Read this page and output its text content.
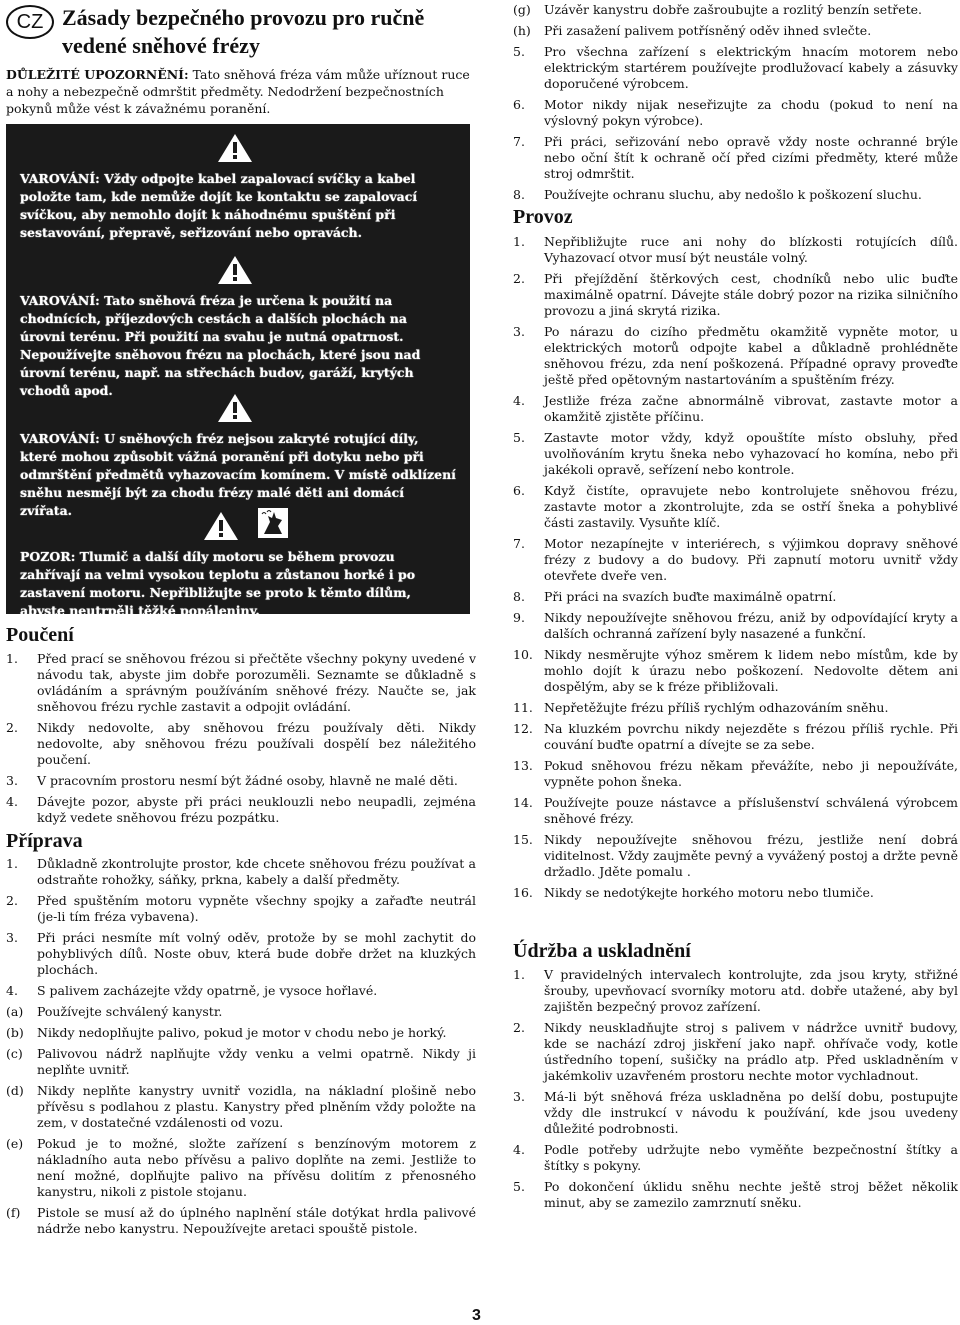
CZ Zásady bezpečného provozu pro ručně vedené sněhové frézy
DŮLEŽITÉ UPOZORNĚNÍ: Tato sněhová fréza vám může uříznout ruce a nohy a nebezpečně odmrštit předměty. Nedodržení bezpečnostních pokynů může vést k závažnému poranění.
VAROVÁNÍ: Vždy odpojte kabel zapalovací svíčky a kabel položte tam, kde nemůže dojít ke kontaktu se zapalovací svíčkou, aby nemohlo dojít k náhodnému spuštění při sestavování, přepravě, seřizování nebo opravách.
VAROVÁNÍ: Tato sněhová fréza je určena k použití na chodnících, příjezdových cestách a dalších plochách na úrovni terénu. Při použití na svahu je nutná opatrnost. Nepoužívejte sněhovou frézu na plochách, které jsou nad úrovní terénu, např. na střechách budov, garáží, krytých vchodů apod.
VAROVÁNÍ: U sněhových fréz nejsou zakryté rotující díly, které mohou způsobit vážná poranění při dotyku nebo při odmrštění předmětů vyhazovacím komínem. V místě odklízení sněhu nesmějí být za chodu frézy malé děti ani domácí zvířata.
POZOR: Tlumič a další díly motoru se během provozu zahřívají na velmi vysokou teplotu a zůstanou horké i po zastavení motoru. Nepřibližujte se proto k těmto dílům, abyste neutrpěli těžké popáleniny.
Poučení
1. Před prací se sněhovou frézou si přečtěte všechny pokyny uvedené v návodu tak, abyste jim dobře porozuměli. Seznamte se důkladně s ovládáním a správným používáním sněhové frézy. Naučte se, jak sněhovou frézu rychle zastavit a odpojit ovládání.
2. Nikdy nedovolte, aby sněhovou frézu používaly děti. Nikdy nedovolte, aby sněhovou frézu používali dospělí bez náležitého poučení.
3. V pracovním prostoru nesmí být žádné osoby, hlavně ne malé děti.
4. Dávejte pozor, abyste při práci neuklouzli nebo neupadli, zejména když vedete sněhovou frézu pozpátku.
Příprava
1. Důkladně zkontrolujte prostor, kde chcete sněhovou frézu používat a odstraňte rohožky, sáňky, prkna, kabely a další předměty.
2. Před spuštěním motoru vypněte všechny spojky a zařaďte neutrál (je-li tím fréza vybavena).
3. Při práci nesmíte mít volný oděv, protože by se mohl zachytit do pohyblivých dílů. Noste obuv, která bude dobře držet na kluzkých plochách.
4. S palivem zacházejte vždy opatrně, je vysoce hořlavé.
(a) Používejte schválený kanystr.
(b) Nikdy nedoplňujte palivo, pokud je motor v chodu nebo je horký.
(c) Palivovou nádrž naplňujte vždy venku a velmi opatrně. Nikdy ji neplňte uvnitř.
(d) Nikdy neplňte kanystry uvnitř vozidla, na nákladní plošině nebo přívěsu s podlahou z plastu. Kanystry před plněním vždy položte na zem, v dostatečné vzdálenosti od vozu.
(e) Pokud je to možné, složte zařízení s benzínovým motorem z nákladního auta nebo přívěsu a palivo doplňte na zemi. Jestliže to není možné, doplňujte palivo na přívěsu dolitím z přenosného kanystru, nikoli z pistole stojanu.
(f) Pistole se musí až do úplného naplnění stále dotýkat hrdla palivové nádrže nebo kanystru. Nepoužívejte aretaci spouště pistole.
(g) Uzávěr kanystru dobře zašroubujte a rozlitý benzín setřete.
(h) Při zasažení palivem potřísněný oděv ihned svlečte.
5. Pro všechna zařízení s elektrickým hnacím motorem nebo elektrickým startérem používejte prodlužovací kabely a zásuvky doporučené výrobcem.
6. Motor nikdy nijak neseřizujte za chodu (pokud to není na výslovný pokyn výrobce).
7. Při práci, seřizování nebo opravě vždy noste ochranné brýle nebo oční štít k ochraně očí před cizími předměty, které může stroj odmrštit.
8. Používejte ochranu sluchu, aby nedošlo k poškození sluchu.
Provoz
1. Nepřibližujte ruce ani nohy do blízkosti rotujících dílů. Vyhazovací otvor musí být neustále volný.
2. Při přejíždění štěrkových cest, chodníků nebo ulic buďte maximálně opatrní. Dávejte stále dobrý pozor na rizika silničního provozu a jiná skrytá rizika.
3. Po nárazu do cizího předmětu okamžitě vypněte motor, u elektrických motorů odpojte kabel a důkladně prohlédněte sněhovou frézu, zda není poškozená. Případné opravy proveďte ještě před opětovným nastartováním a spuštěním frézy.
4. Jestliže fréza začne abnormálně vibrovat, zastavte motor a okamžitě zjistěte příčinu.
5. Zastavte motor vždy, když opouštíte místo obsluhy, před uvolňováním krytu šneka nebo vyhazovací ho komína, nebo při jakékoli opravě, seřízení nebo kontrole.
6. Když čistíte, opravujete nebo kontrolujete sněhovou frézu, zastavte motor a zkontrolujte, zda se ostří šneka a pohyblivé části zastavily. Vysuňte klíč.
7. Motor nezapínejte v interiérech, s výjimkou dopravy sněhové frézy z budovy a do budovy. Při zapnutí motoru uvnitř vždy otevřete dveře ven.
8. Při práci na svazích buďte maximálně opatrní.
9. Nikdy nepoužívejte sněhovou frézu, aniž by odpovídající kryty a dalších ochranná zařízení byly nasazené a funkční.
10. Nikdy nesměrujte výhoz směrem k lidem nebo místům, kde by mohlo dojít k úrazu nebo poškození. Nedovolte dětem ani dospělým, aby se k fréze přibližovali.
11. Nepřetěžujte frézu příliš rychlým odhazováním sněhu.
12. Na kluzkém povrchu nikdy nejezděte s frézou příliš rychle. Při couvání buďte opatrní a dívejte se za sebe.
13. Pokud sněhovou frézu někam převážíte, nebo ji nepoužíváte, vypněte pohon šneka.
14. Používejte pouze nástavce a příslušenství schválená výrobcem sněhové frézy.
15. Nikdy nepoužívejte sněhovou frézu, jestliže není dobrá viditelnost. Vždy zaujměte pevný a vyvážený postoj a držte pevně držadlo. Jděte pomalu .
16. Nikdy se nedotýkejte horkého motoru nebo tlumiče.
Údržba a uskladnění
1. V pravidelných intervalech kontrolujte, zda jsou kryty, střižné šrouby, upevňovací svorníky motoru atd. dobře utažené, aby byl zajištěn bezpečný provoz zařízení.
2. Nikdy neuskladňujte stroj s palivem v nádržce uvnitř budovy, kde se nachází zdroj jiskření jako např. ohřívače vody, kotle ústředního topení, sušičky na prádlo atp. Před uskladněním v jakémkoliv uzavřeném prostoru nechte motor vychladnout.
3. Má-li být sněhová fréza uskladněna po delší dobu, postupujte vždy dle instrukcí v návodu k používání, kde jsou uvedeny důležité podrobnosti.
4. Podle potřeby udržujte nebo vyměňte bezpečnostní štítky a štítky s pokyny.
5. Po dokončení úklidu sněhu nechte ještě stroj běžet několik minut, aby se zamezilo zamrznutí sněku.
3
